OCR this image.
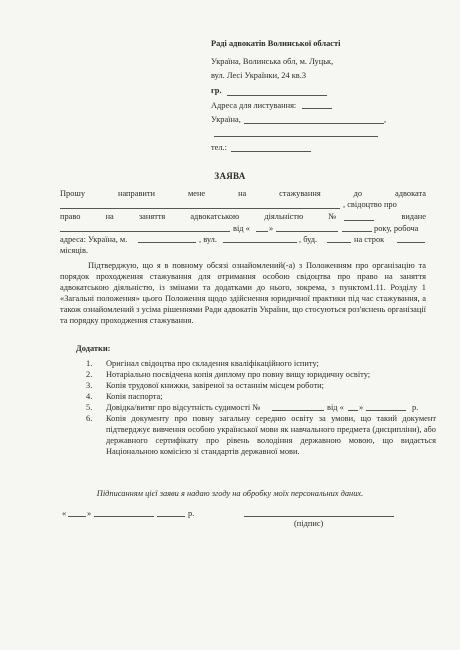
Раді адвокатів Волинської області
Україна, Волинська обл, м. Луцьк,
вул. Лесі Українки, 24 кв.3
гр.
Адреса для листування:
Україна,	,
тел.:
ЗАЯВА
Прошу	направити	мене	на	стажування	до	адвоката
, свідоцтво про
право	на	заняття	адвокатською	діяльністю	№	видане
від « »	року, робоча
адреса: Україна, м.	, вул.	, буд.	на строк
місяців.
Підтверджую, що я в повному обсязі ознайомлений(-а) з Положенням про організацію та порядок проходження стажування для отримання особою свідоцтва про право на заняття адвокатською діяльністю, із змінами та додатками до нього, зокрема, з пунктом1.11. Розділу 1 «Загальні положення» цього Положення щодо здійснення юридичної практики під час стажування, а також ознайомлений з усіма рішеннями Ради адвокатів України, що стосуються роз'яснень організації та порядку проходження стажування.
Додатки:
1. Оригінал свідоцтва про складення кваліфікаційного іспиту;
2. Нотаріально посвідчена копія диплому про повну вищу юридичну освіту;
3. Копія трудової книжки, завіреної за останнім місцем роботи;
4. Копія паспорта;
5. Довідка/витяг про відсутність судимості №	від « »	р.
6. Копія документу про повну загальну середню освіту за умови, що такий документ підтверджує вивчення особою української мови як навчального предмета (дисципліни), або державного сертифікату про рівень володіння державною мовою, що видається Національною комісією зі стандартів державної мови.
Підписанням цієї заяви я надаю згоду на обробку моїх персональних даних.
« »	р.
(підпис)
